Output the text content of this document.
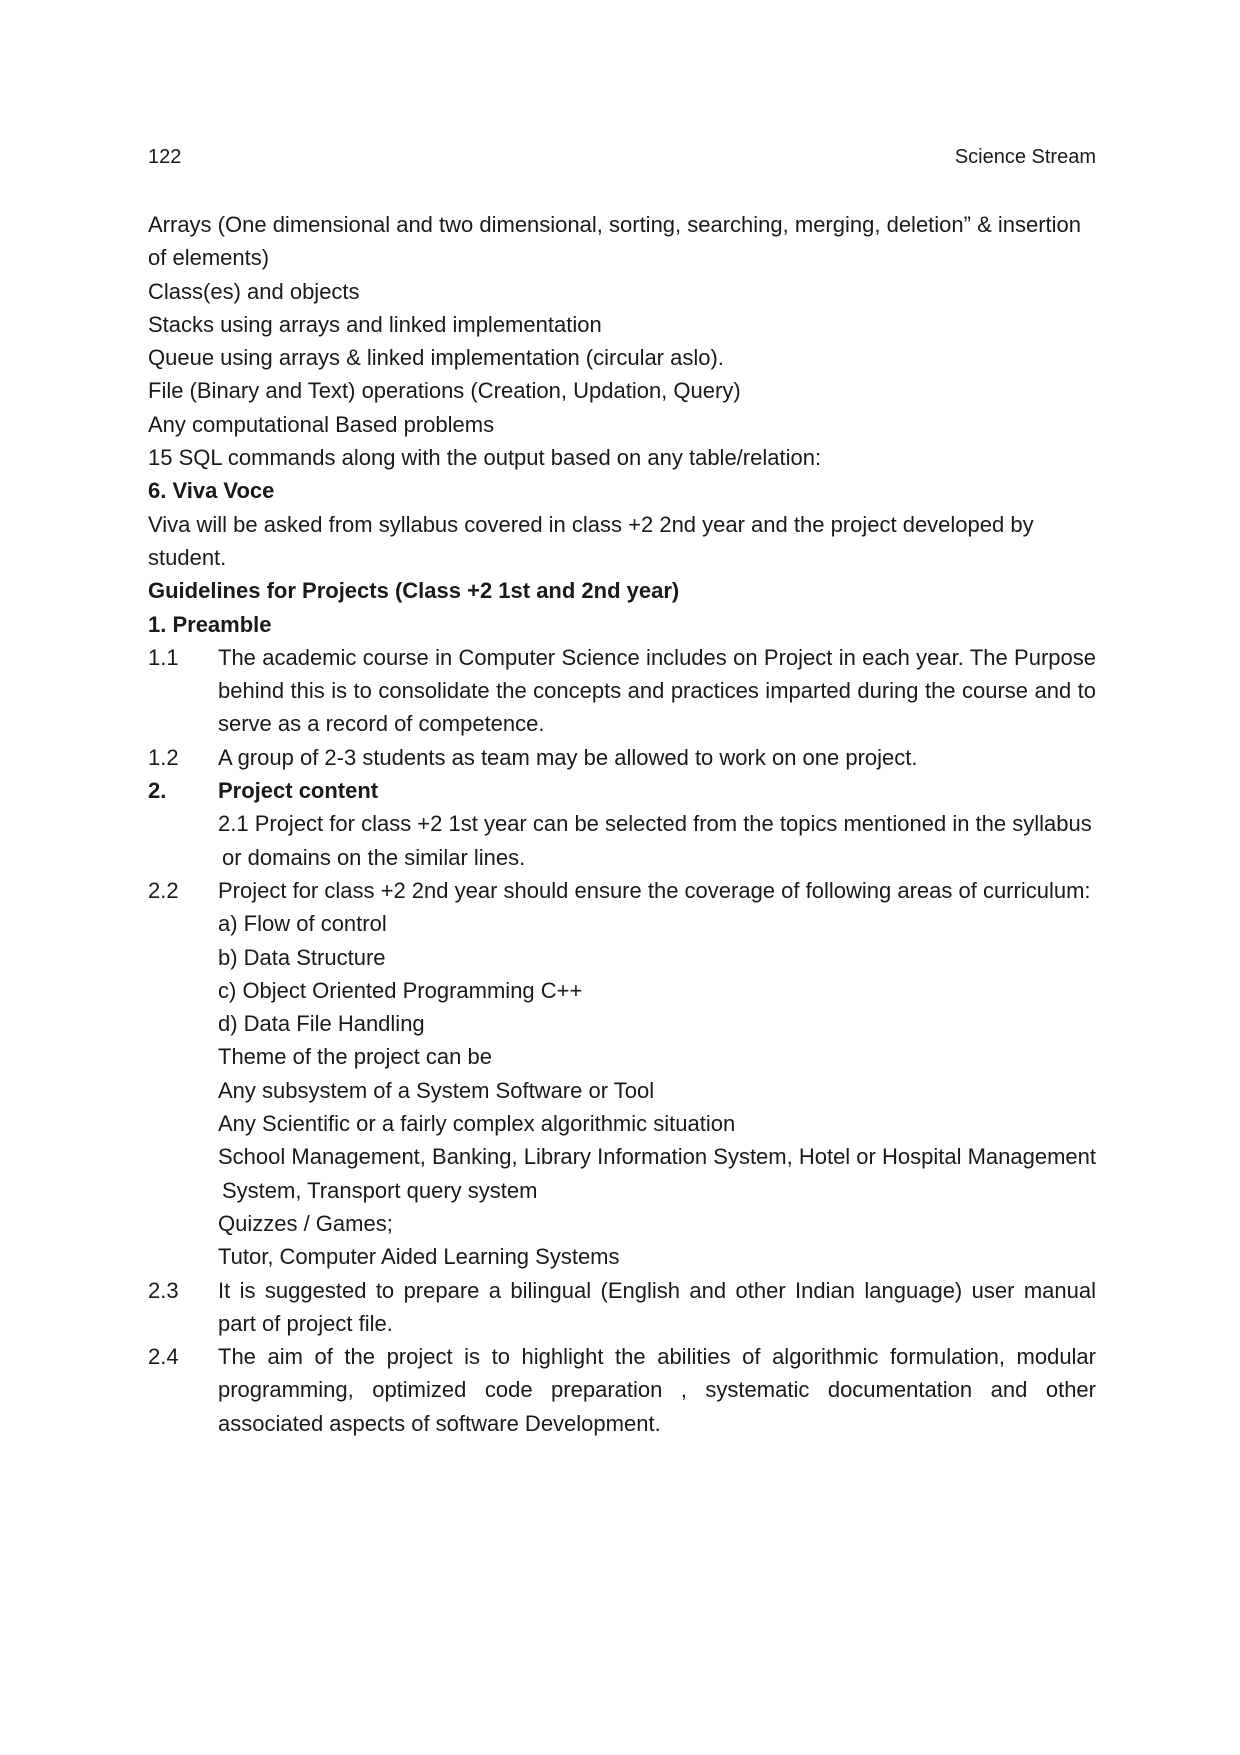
122	Science Stream

Arrays (One dimensional and two dimensional, sorting, searching, merging, deletion” & insertion of elements)

Class(es) and objects

Stacks using arrays and linked implementation

Queue using arrays & linked implementation (circular aslo).

File (Binary and Text) operations (Creation, Updation, Query)

Any computational Based problems

15 SQL commands along with the output based on any table/relation:

6. Viva Voce

Viva will be asked from syllabus covered in class +2 2nd year and the project developed by student.

Guidelines for Projects (Class +2 1st and 2nd year)

1. Preamble

1.1 The academic course in Computer Science includes on Project in each year. The Purpose behind this is to consolidate the concepts and practices imparted during the course and to serve as a record of competence.
1.2 A group of 2-3 students as team may be allowed to work on one project.
2. Project content

2.1 Project for class +2 1st year can be selected from the topics mentioned in the syllabus or domains on the similar lines.

2.2 Project for class +2 2nd year should ensure the coverage of following areas of curriculum:

a) Flow of control

b) Data Structure

c) Object Oriented Programming C++

d) Data File Handling

Theme of the project can be

Any subsystem of a System Software or Tool

Any Scientific or a fairly complex algorithmic situation

School Management, Banking, Library Information System, Hotel or Hospital Management System, Transport query system

Quizzes / Games;

Tutor, Computer Aided Learning Systems

2.3 It is suggested to prepare a bilingual (English and other Indian language) user manual part of project file.
2.4 The aim of the project is to highlight the abilities of algorithmic formulation, modular programming, optimized code preparation , systematic documentation and other associated aspects of software Development.
